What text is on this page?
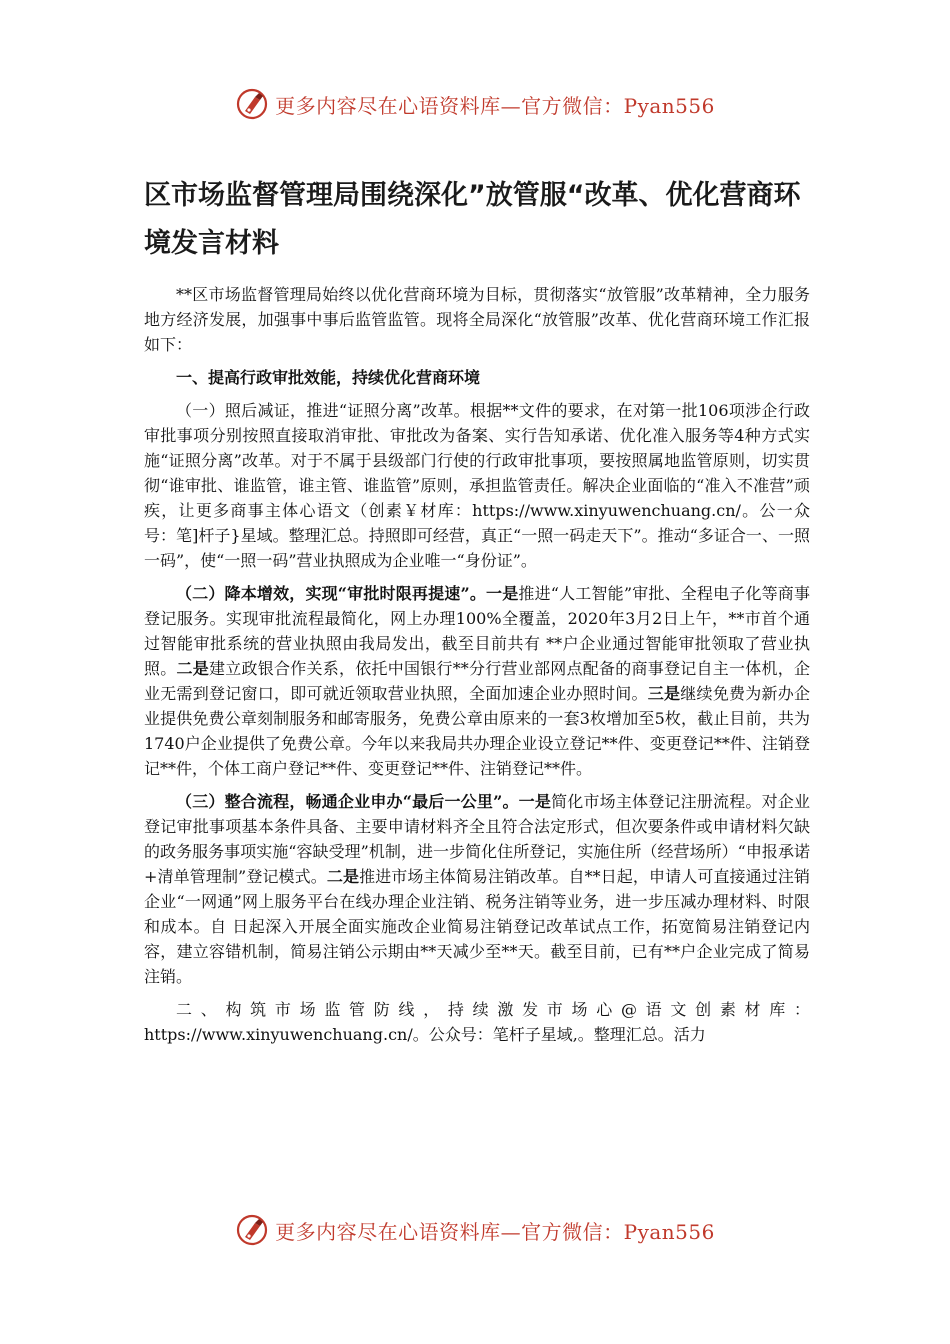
更多内容尽在心语资料库—官方微信：Pyan556
区市场监督管理局围绕深化”放管服“改革、优化营商环境发言材料

**区市场监督管理局始终以优化营商环境为目标，贯彻落实“放管服”改革精神，全力服务地方经济发展，加强事中事后监管监管。现将全局深化“放管服”改革、优化营商环境工作汇报如下：

一、提高行政审批效能，持续优化营商环境

（一）照后减证，推进“证照分离”改革。根据**文件的要求，在对第一批106项涉企行政审批事项分别按照直接取消审批、审批改为备案、实行告知承诺、优化准入服务等4种方式实施“证照分离”改革。对于不属于县级部门行使的行政审批事项，要按照属地监管原则，切实贯彻“谁审批、谁监管，谁主管、谁监管”原则，承担监管责任。解决企业面临的“准入不准营”顽疾，让更多商事主体心语文（创素￥材库：https://www.xinyuwenchuang.cn/。公一众号：笔]杆子}星域。整理汇总。持照即可经营，真正“一照一码走天下”。推动“多证合一、一照一码”，使“一照一码”营业执照成为企业唯一“身份证”。

（二）降本增效，实现“审批时限再提速”。一是推进“人工智能”审批、全程电子化等商事登记服务。实现审批流程最简化，网上办理100%全覆盖，2020年3月2日上午，**市首个通过智能审批系统的营业执照由我局发出，截至目前共有 **户企业通过智能审批领取了营业执照。二是建立政银合作关系，依托中国银行**分行营业部网点配备的商事登记自主一体机，企业无需到登记窗口，即可就近领取营业执照，全面加速企业办照时间。三是继续免费为新办企业提供免费公章刻制服务和邮寄服务，免费公章由原来的一套3枚增加至5枚，截止目前，共为1740户企业提供了免费公章。今年以来我局共办理企业设立登记**件、变更登记**件、注销登记**件，个体工商户登记**件、变更登记**件、注销登记**件。

（三）整合流程，畅通企业申办“最后一公里”。一是简化市场主体登记注册流程。对企业登记审批事项基本条件具备、主要申请材料齐全且符合法定形式，但次要条件或申请材料欠缺的政务服务事项实施“容缺受理”机制，进一步简化住所登记，实施住所（经营场所）“申报承诺+清单管理制”登记模式。二是推进市场主体简易注销改革。自**日起，申请人可直接通过注销企业“一网通”网上服务平台在线办理企业注销、税务注销等业务，进一步压减办理材料、时限和成本。自 日起深入开展全面实施改企业简易注销登记改革试点工作，拓宽简易注销登记内容，建立容错机制，简易注销公示期由**天减少至**天。截至目前，已有**户企业完成了简易注销。

二、构筑市场监管防线，持续激发市场心@语文创素材库：https://www.xinyuwenchuang.cn/。公众号：笔杆子星域,。整理汇总。活力

更多内容尽在心语资料库—官方微信：Pyan556
